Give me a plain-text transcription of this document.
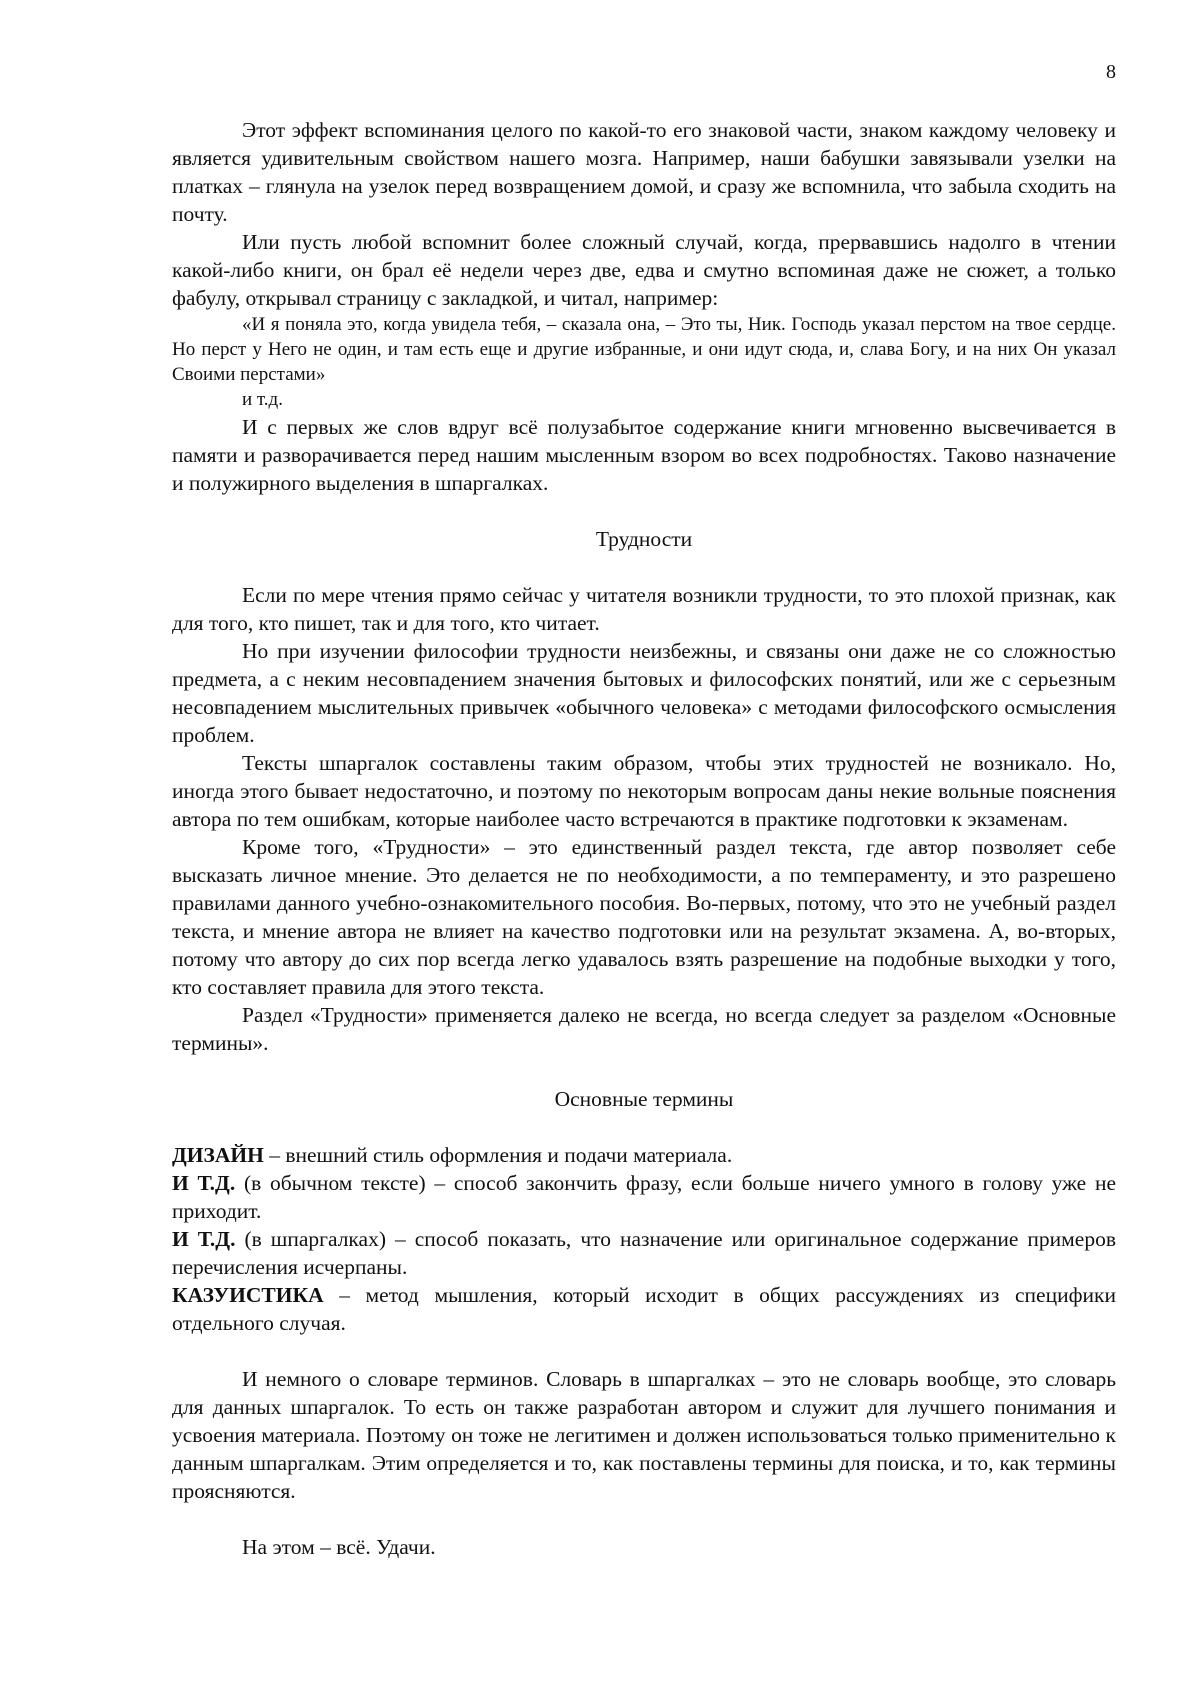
8

Этот эффект вспоминания целого по какой-то его знаковой части, знаком каждому человеку и является удивительным свойством нашего мозга. Например, наши бабушки завязывали узелки на платках – глянула на узелок перед возвращением домой, и сразу же вспомнила, что забыла сходить на почту.

Или пусть любой вспомнит более сложный случай, когда, прервавшись надолго в чтении какой-либо книги, он брал её недели через две, едва и смутно вспоминая даже не сюжет, а только фабулу, открывал страницу с закладкой, и читал, например:

«И я поняла это, когда увидела тебя, – сказала она, – Это ты, Ник. Господь указал перстом на твое сердце. Но перст у Него не один, и там есть еще и другие избранные, и они идут сюда, и, слава Богу, и на них Он указал Своими перстами»

и т.д.

И с первых же слов вдруг всё полузабытое содержание книги мгновенно высвечивается в памяти и разворачивается перед нашим мысленным взором во всех подробностях. Таково назначение и полужирного выделения в шпаргалках.

Трудности

Если по мере чтения прямо сейчас у читателя возникли трудности, то это плохой признак, как для того, кто пишет, так и для того, кто читает.

Но при изучении философии трудности неизбежны, и связаны они даже не со сложностью предмета, а с неким несовпадением значения бытовых и философских понятий, или же с серьезным несовпадением мыслительных привычек «обычного человека» с методами философского осмысления проблем.

Тексты шпаргалок составлены таким образом, чтобы этих трудностей не возникало. Но, иногда этого бывает недостаточно, и поэтому по некоторым вопросам даны некие вольные пояснения автора по тем ошибкам, которые наиболее часто встречаются в практике подготовки к экзаменам.

Кроме того, «Трудности» – это единственный раздел текста, где автор позволяет себе высказать личное мнение. Это делается не по необходимости, а по темпераменту, и это разрешено правилами данного учебно-ознакомительного пособия. Во-первых, потому, что это не учебный раздел текста, и мнение автора не влияет на качество подготовки или на результат экзамена. А, во-вторых, потому что автору до сих пор всегда легко удавалось взять разрешение на подобные выходки у того, кто составляет правила для этого текста.

Раздел «Трудности» применяется далеко не всегда, но всегда следует за разделом «Основные термины».

Основные термины

ДИЗАЙН – внешний стиль оформления и подачи материала.

И Т.Д. (в обычном тексте) – способ закончить фразу, если больше ничего умного в голову уже не приходит.

И Т.Д. (в шпаргалках) – способ показать, что назначение или оригинальное содержание примеров перечисления исчерпаны.

КАЗУИСТИКА – метод мышления, который исходит в общих рассуждениях из специфики отдельного случая.

И немного о словаре терминов. Словарь в шпаргалках – это не словарь вообще, это словарь для данных шпаргалок. То есть он также разработан автором и служит для лучшего понимания и усвоения материала. Поэтому он тоже не легитимен и должен использоваться только применительно к данным шпаргалкам. Этим определяется и то, как поставлены термины для поиска, и то, как термины проясняются.

На этом – всё. Удачи.
